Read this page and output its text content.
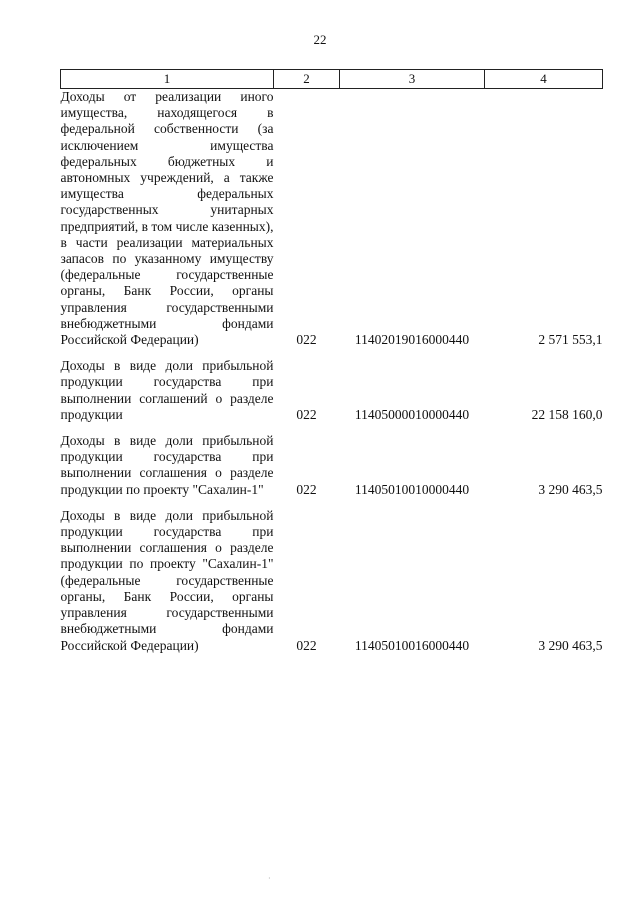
22
1	2	3	4
Доходы от реализации иного имущества, находящегося в федеральной собственности (за исключением имущества федеральных бюджетных и автономных учреждений, а также имущества федеральных государственных унитарных предприятий, в том числе казенных), в части реализации материальных запасов по указанному имуществу (федеральные государственные органы, Банк России, органы управления государственными внебюджетными фондами Российской Федерации)	022	11402019016000440	2 571 553,1
Доходы в виде доли прибыльной продукции государства при выполнении соглашений о разделе продукции	022	11405000010000440	22 158 160,0
Доходы в виде доли прибыльной продукции государства при выполнении соглашения о разделе продукции по проекту "Сахалин-1"	022	11405010010000440	3 290 463,5
Доходы в виде доли прибыльной продукции государства при выполнении соглашения о разделе продукции по проекту "Сахалин-1" (федеральные государственные органы, Банк России, органы управления государственными внебюджетными фондами Российской Федерации)	022	11405010016000440	3 290 463,5
·
